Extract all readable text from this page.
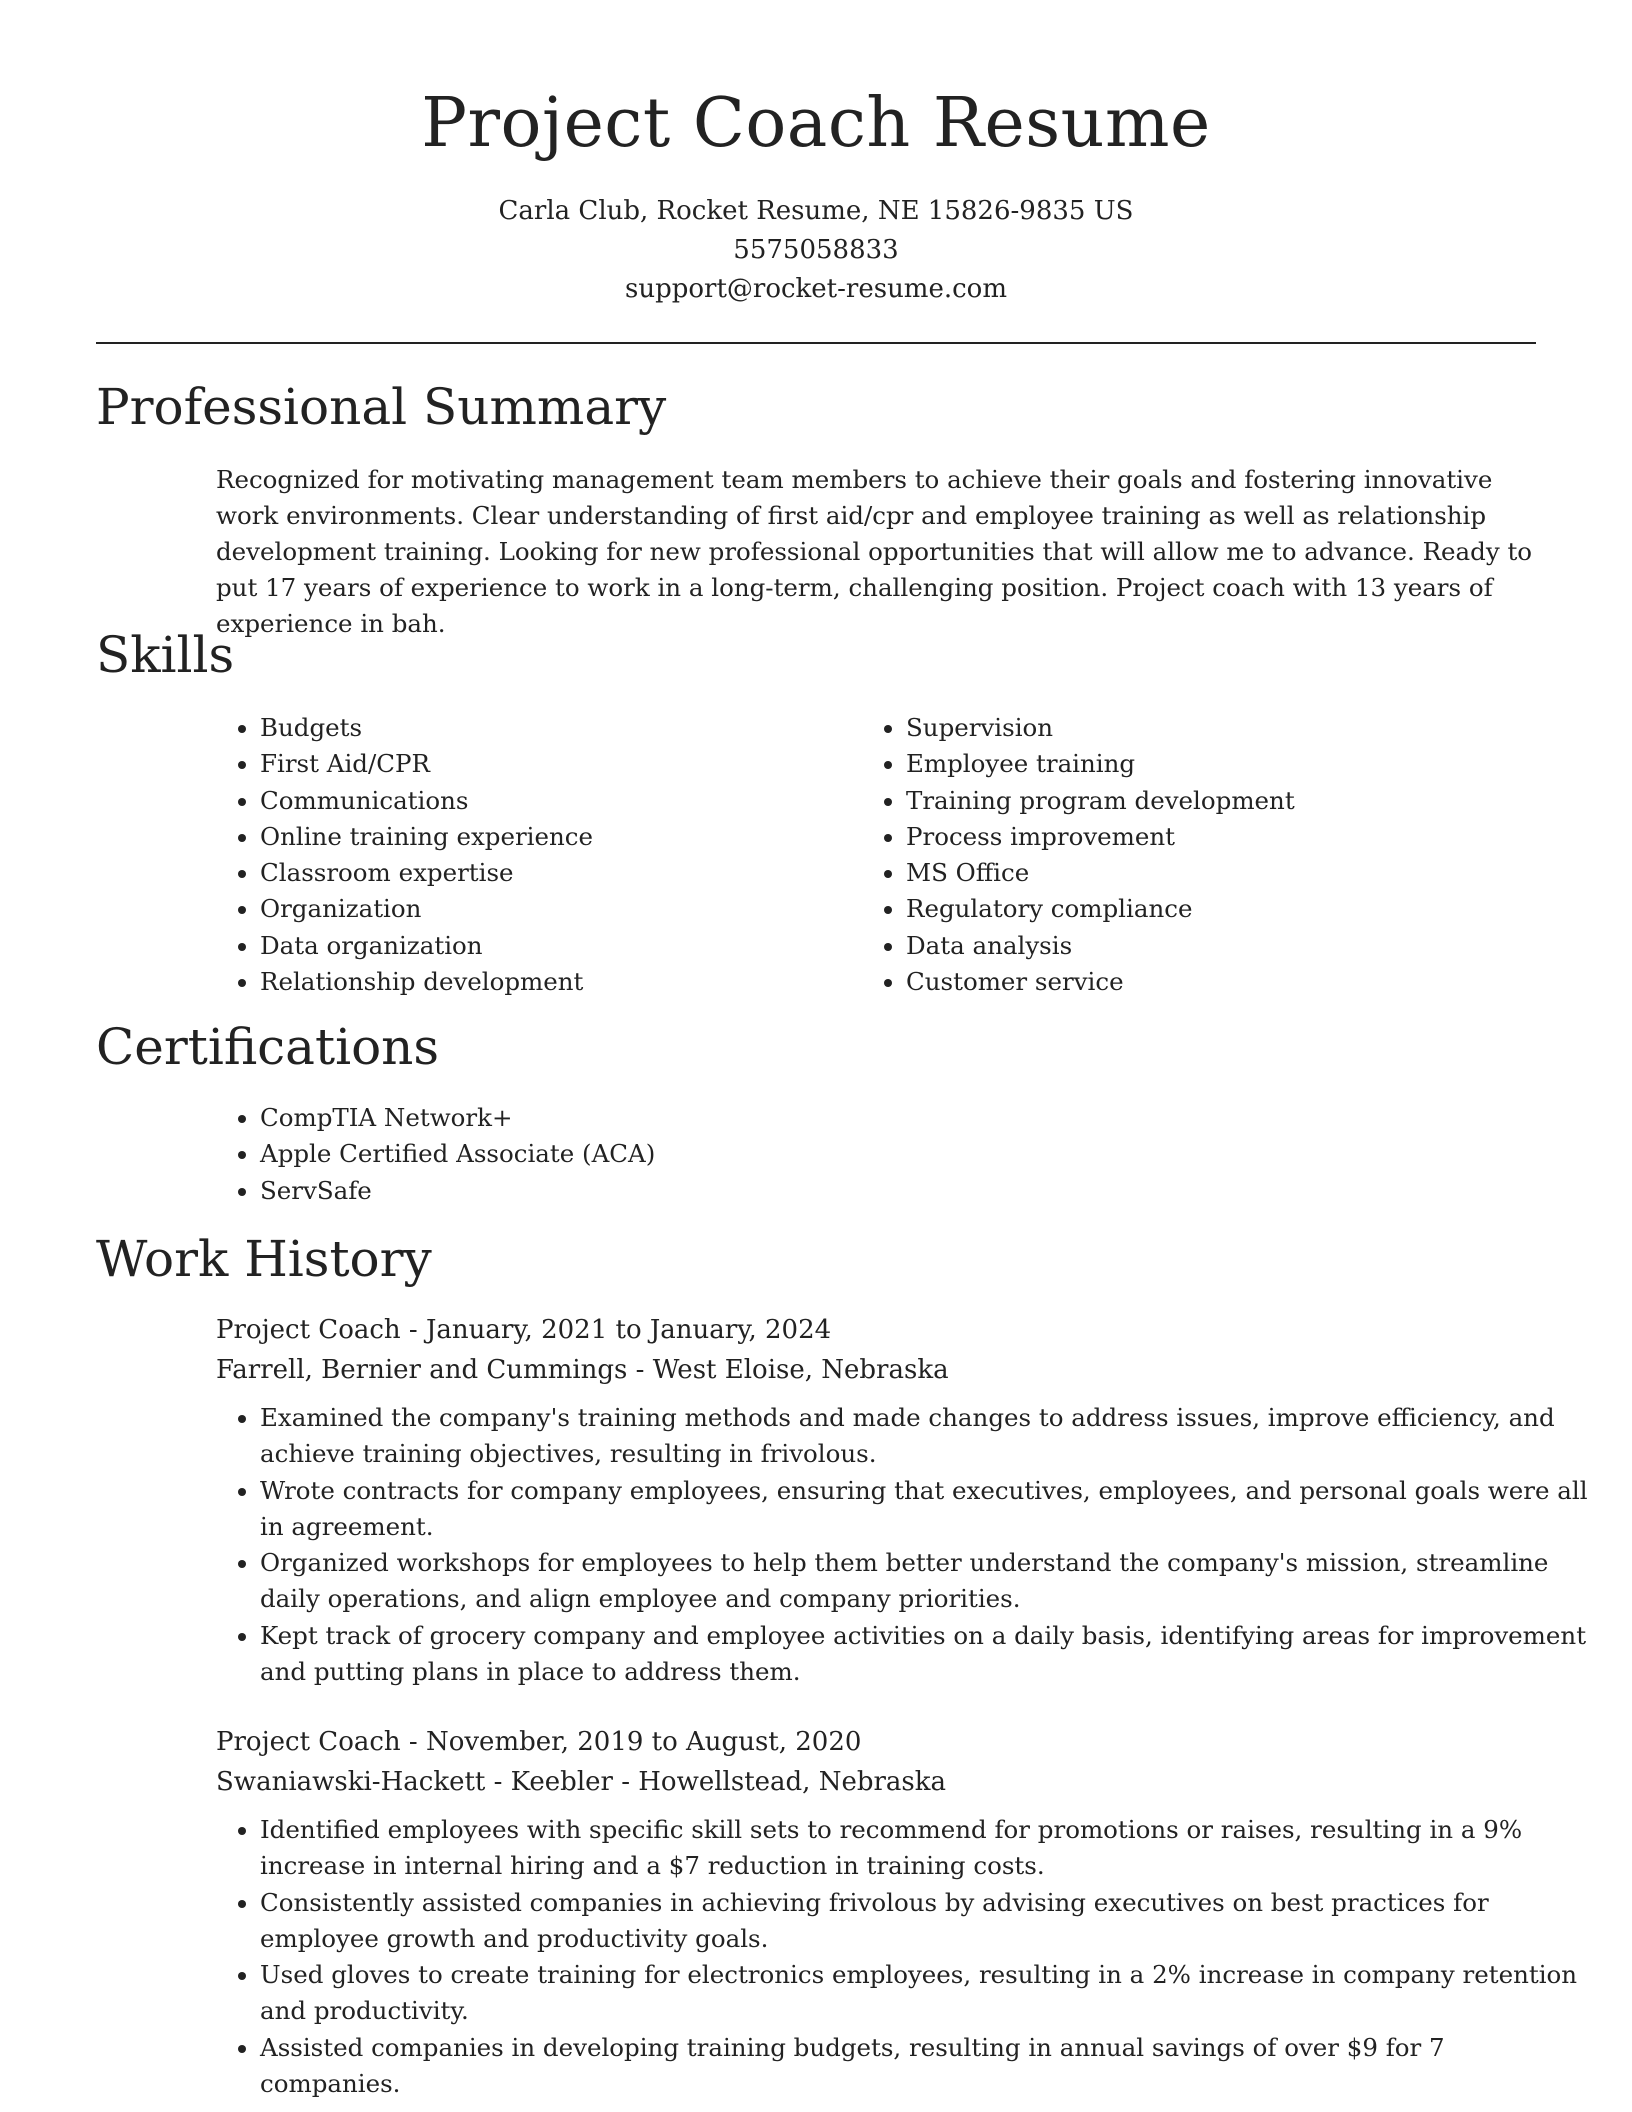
Project Coach Resume
Carla Club, Rocket Resume, NE 15826-9835 US
5575058833
support@rocket-resume.com
Professional Summary

Recognized for motivating management team members to achieve their goals and fostering innovative work environments. Clear understanding of first aid/cpr and employee training as well as relationship development training. Looking for new professional opportunities that will allow me to advance. Ready to put 17 years of experience to work in a long-term, challenging position. Project coach with 13 years of experience in bah.

Skills
• Budgets
• First Aid/CPR
• Communications
• Online training experience
• Classroom expertise
• Organization
• Data organization
• Relationship development
• Supervision
• Employee training
• Training program development
• Process improvement
• MS Office
• Regulatory compliance
• Data analysis
• Customer service
Certifications
• CompTIA Network+
• Apple Certified Associate (ACA)
• ServSafe
Work History
Project Coach - January, 2021 to January, 2024
Farrell, Bernier and Cummings - West Eloise, Nebraska
• Examined the company's training methods and made changes to address issues, improve efficiency, and achieve training objectives, resulting in frivolous.
• Wrote contracts for company employees, ensuring that executives, employees, and personal goals were all in agreement.
• Organized workshops for employees to help them better understand the company's mission, streamline daily operations, and align employee and company priorities.
• Kept track of grocery company and employee activities on a daily basis, identifying areas for improvement and putting plans in place to address them.
Project Coach - November, 2019 to August, 2020
Swaniawski-Hackett - Keebler - Howellstead, Nebraska
• Identified employees with specific skill sets to recommend for promotions or raises, resulting in a 9% increase in internal hiring and a $7 reduction in training costs.
• Consistently assisted companies in achieving frivolous by advising executives on best practices for employee growth and productivity goals.
• Used gloves to create training for electronics employees, resulting in a 2% increase in company retention and productivity.
• Assisted companies in developing training budgets, resulting in annual savings of over $9 for 7 companies.
